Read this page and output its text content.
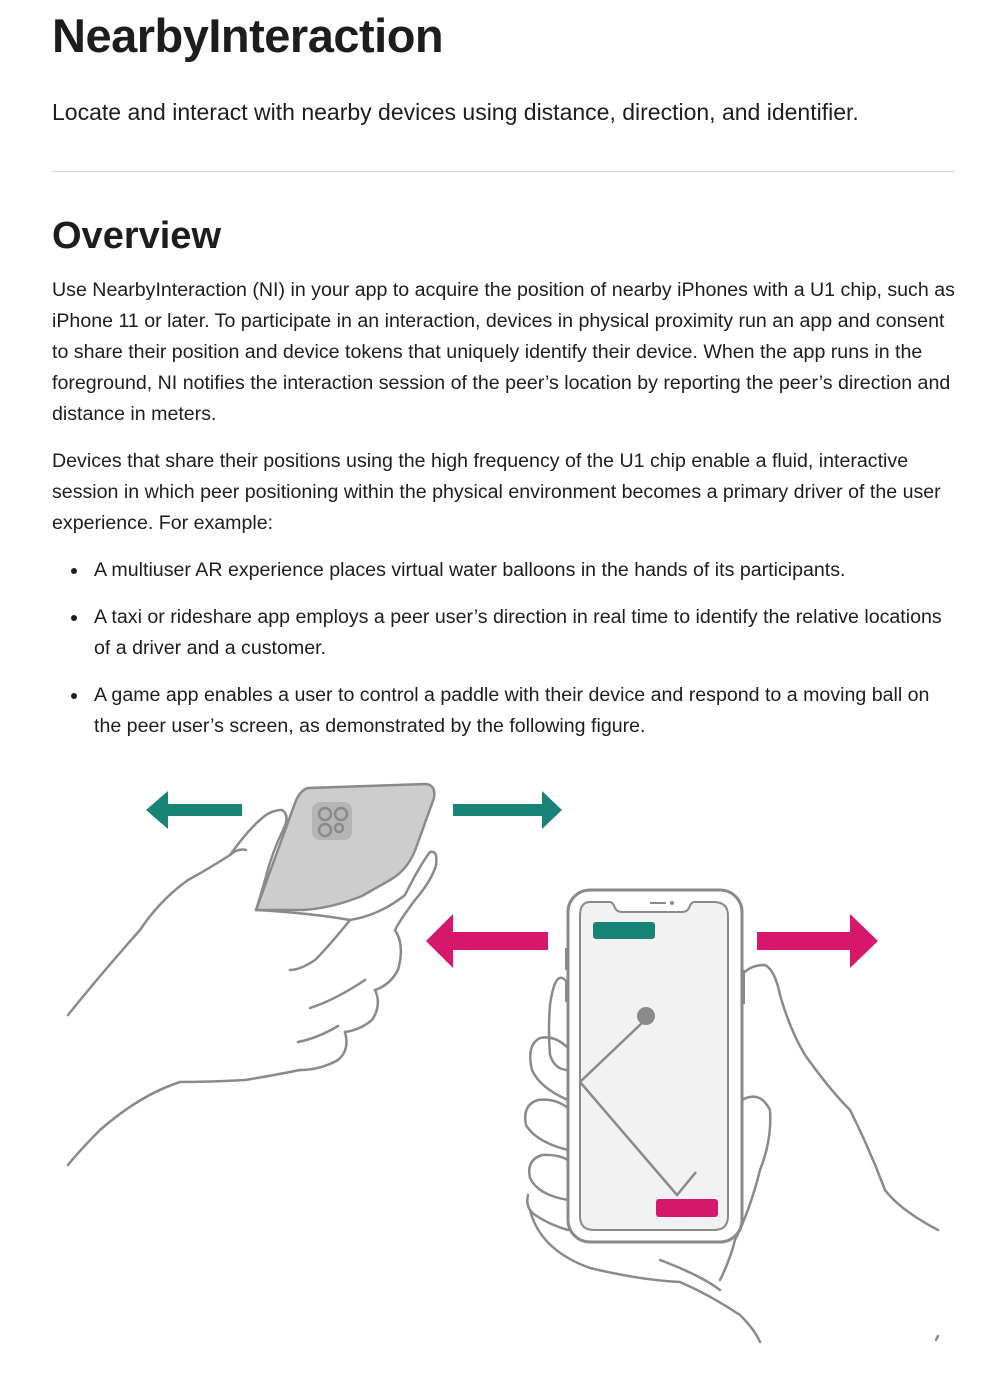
NearbyInteraction

Locate and interact with nearby devices using distance, direction, and identifier.

Overview

Use NearbyInteraction (NI) in your app to acquire the position of nearby iPhones with a U1 chip, such as iPhone 11 or later. To participate in an interaction, devices in physical proximity run an app and consent to share their position and device tokens that uniquely identify their device. When the app runs in the foreground, NI notifies the interaction session of the peer’s location by reporting the peer’s direction and distance in meters.

Devices that share their positions using the high frequency of the U1 chip enable a fluid, interactive session in which peer positioning within the physical environment becomes a primary driver of the user experience. For example:

A multiuser AR experience places virtual water balloons in the hands of its participants.
A taxi or rideshare app employs a peer user’s direction in real time to identify the relative locations of a driver and a customer.
A game app enables a user to control a paddle with their device and respond to a moving ball on the peer user’s screen, as demonstrated by the following figure.
